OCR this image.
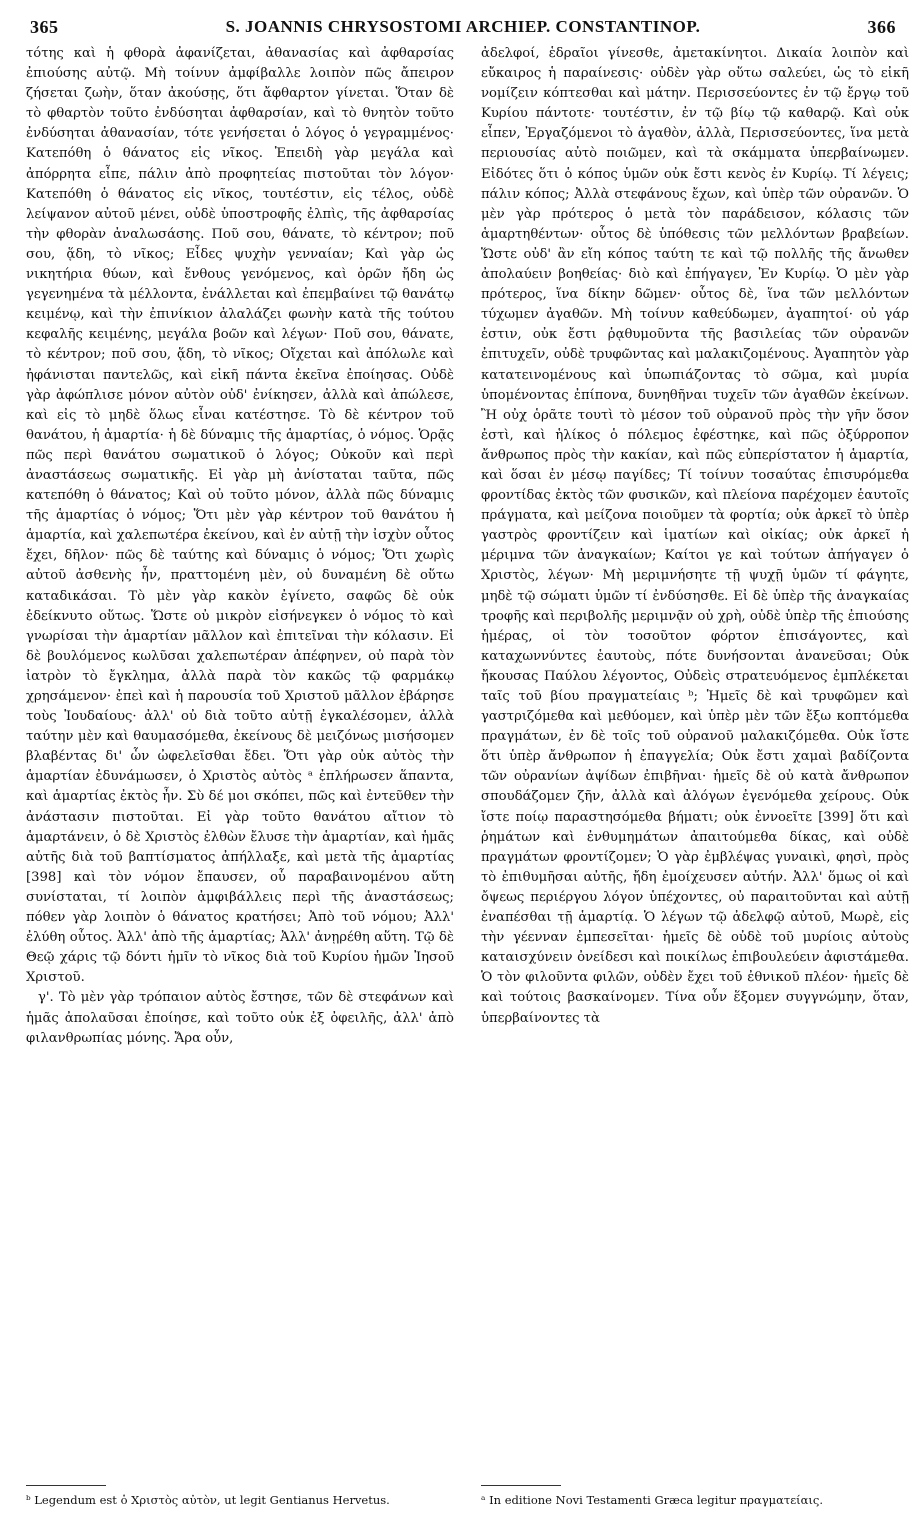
365	S. JOANNIS CHRYSOSTOMI ARCHIEP. CONSTANTINOP.	366

τότης καὶ ἡ φθορὰ ἀφανίζεται, ἀθανασίας καὶ ἀφθαρσίας ἐπιούσης αὐτῷ. Μὴ τοίνυν ἀμφίβαλλε λοιπὸν πῶς ἄπειρον ζήσεται ζωὴν, ὅταν ἀκούσῃς, ὅτι ἄφθαρτον γίνεται. Ὅταν δὲ τὸ φθαρτὸν τοῦτο ἐνδύσηται ἀφθαρσίαν, καὶ τὸ θνητὸν τοῦτο ἐνδύσηται ἀθανασίαν, τότε γενήσεται ὁ λόγος ὁ γεγραμμένος· Κατεπόθη ὁ θάνατος εἰς νῖκος. Ἐπειδὴ γὰρ μεγάλα καὶ ἀπόρρητα εἶπε, πάλιν ἀπὸ προφητείας πιστοῦται τὸν λόγον· Κατεπόθη ὁ θάνατος εἰς νῖκος, τουτέστιν, εἰς τέλος, οὐδὲ λείψανον αὐτοῦ μένει, οὐδὲ ὑποστροφῆς ἐλπὶς, τῆς ἀφθαρσίας τὴν φθορὰν ἀναλωσάσης. Ποῦ σου, θάνατε, τὸ κέντρον; ποῦ σου, ᾅδη, τὸ νῖκος; Εἶδες ψυχὴν γενναίαν; Καὶ γὰρ ὡς νικητήρια θύων, καὶ ἔνθους γενόμενος, καὶ ὁρῶν ἤδη ὡς γεγενημένα τὰ μέλλοντα, ἐνάλλεται καὶ ἐπεμβαίνει τῷ θανάτῳ κειμένῳ, καὶ τὴν ἐπινίκιον ἀλαλάζει φωνὴν κατὰ τῆς τούτου κεφαλῆς κειμένης, μεγάλα βοῶν καὶ λέγων· Ποῦ σου, θάνατε, τὸ κέντρον; ποῦ σου, ᾅδη, τὸ νῖκος; Οἴχεται καὶ ἀπόλωλε καὶ ἠφάνισται παντελῶς, καὶ εἰκῆ πάντα ἐκεῖνα ἐποίησας. Οὐδὲ γὰρ ἀφώπλισε μόνον αὐτὸν οὐδ' ἐνίκησεν, ἀλλὰ καὶ ἀπώλεσε, καὶ εἰς τὸ μηδὲ ὅλως εἶναι κατέστησε. Τὸ δὲ κέντρον τοῦ θανάτου, ἡ ἁμαρτία· ἡ δὲ δύναμις τῆς ἁμαρτίας, ὁ νόμος. Ὁρᾷς πῶς περὶ θανάτου σωματικοῦ ὁ λόγος; Οὐκοῦν καὶ περὶ ἀναστάσεως σωματικῆς. Εἰ γὰρ μὴ ἀνίσταται ταῦτα, πῶς κατεπόθη ὁ θάνατος; Καὶ οὐ τοῦτο μόνον, ἀλλὰ πῶς δύναμις τῆς ἁμαρτίας ὁ νόμος; Ὅτι μὲν γὰρ κέντρον τοῦ θανάτου ἡ ἁμαρτία, καὶ χαλεπωτέρα ἐκείνου, καὶ ἐν αὐτῇ τὴν ἰσχὺν οὗτος ἔχει, δῆλον· πῶς δὲ ταύτης καὶ δύναμις ὁ νόμος; Ὅτι χωρὶς αὐτοῦ ἀσθενὴς ἦν, πραττομένη μὲν, οὐ δυναμένη δὲ οὕτω καταδικάσαι. Τὸ μὲν γὰρ κακὸν ἐγίνετο, σαφῶς δὲ οὐκ ἐδείκνυτο οὕτως. Ὥστε οὐ μικρὸν εἰσήνεγκεν ὁ νόμος τὸ καὶ γνωρίσαι τὴν ἁμαρτίαν μᾶλλον καὶ ἐπιτεῖναι τὴν κόλασιν. Εἰ δὲ βουλόμενος κωλῦσαι χαλεπωτέραν ἀπέφηνεν, οὐ παρὰ τὸν ἰατρὸν τὸ ἔγκλημα, ἀλλὰ παρὰ τὸν κακῶς τῷ φαρμάκῳ χρησάμενον· ἐπεὶ καὶ ἡ παρουσία τοῦ Χριστοῦ μᾶλλον ἐβάρησε τοὺς Ἰουδαίους· ἀλλ' οὐ διὰ τοῦτο αὐτῇ ἐγκαλέσομεν, ἀλλὰ ταύτην μὲν καὶ θαυμασόμεθα, ἐκείνους δὲ μειζόνως μισήσομεν βλαβέντας δι' ὧν ὠφελεῖσθαι ἔδει. Ὅτι γὰρ οὐκ αὐτὸς τὴν ἁμαρτίαν ἐδυνάμωσεν, ὁ Χριστὸς αὐτὸς ᵃ ἐπλήρωσεν ἅπαντα, καὶ ἁμαρτίας ἐκτὸς ἦν. Σὺ δέ μοι σκόπει, πῶς καὶ ἐντεῦθεν τὴν ἀνάστασιν πιστοῦται. Εἰ γὰρ τοῦτο θανάτου αἴτιον τὸ ἁμαρτάνειν, ὁ δὲ Χριστὸς ἐλθὼν ἔλυσε τὴν ἁμαρτίαν, καὶ ἡμᾶς αὐτῆς διὰ τοῦ βαπτίσματος ἀπήλλαξε, καὶ μετὰ τῆς ἁμαρτίας [398] καὶ τὸν νόμον ἔπαυσεν, οὗ παραβαινομένου αὕτη συνίσταται, τί λοιπὸν ἀμφιβάλλεις περὶ τῆς ἀναστάσεως; πόθεν γὰρ λοιπὸν ὁ θάνατος κρατήσει; Ἀπὸ τοῦ νόμου; Ἀλλ' ἐλύθη οὗτος. Ἀλλ' ἀπὸ τῆς ἁμαρτίας; Ἀλλ' ἀνῃρέθη αὕτη. Τῷ δὲ Θεῷ χάρις τῷ δόντι ἡμῖν τὸ νῖκος διὰ τοῦ Κυρίου ἡμῶν Ἰησοῦ Χριστοῦ.

γ'. Τὸ μὲν γὰρ τρόπαιον αὐτὸς ἔστησε, τῶν δὲ στεφάνων καὶ ἡμᾶς ἀπολαῦσαι ἐποίησε, καὶ τοῦτο οὐκ ἐξ ὀφειλῆς, ἀλλ' ἀπὸ φιλανθρωπίας μόνης. Ἄρα οὖν,

ἀδελφοί, ἑδραῖοι γίνεσθε, ἀμετακίνητοι. Δικαία λοιπὸν καὶ εὔκαιρος ἡ παραίνεσις· οὐδὲν γὰρ οὕτω σαλεύει, ὡς τὸ εἰκῆ νομίζειν κόπτεσθαι καὶ μάτην. Περισσεύοντες ἐν τῷ ἔργῳ τοῦ Κυρίου πάντοτε· τουτέστιν, ἐν τῷ βίῳ τῷ καθαρῷ. Καὶ οὐκ εἶπεν, Ἐργαζόμενοι τὸ ἀγαθὸν, ἀλλὰ, Περισσεύοντες, ἵνα μετὰ περιουσίας αὐτὸ ποιῶμεν, καὶ τὰ σκάμματα ὑπερβαίνωμεν. Εἰδότες ὅτι ὁ κόπος ὑμῶν οὐκ ἔστι κενὸς ἐν Κυρίῳ. Τί λέγεις; πάλιν κόπος; Ἀλλὰ στεφάνους ἔχων, καὶ ὑπὲρ τῶν οὐρανῶν. Ὁ μὲν γὰρ πρότερος ὁ μετὰ τὸν παράδεισον, κόλασις τῶν ἁμαρτηθέντων· οὗτος δὲ ὑπόθεσις τῶν μελλόντων βραβείων. Ὥστε οὐδ' ἂν εἴη κόπος ταύτη τε καὶ τῷ πολλῆς τῆς ἄνωθεν ἀπολαύειν βοηθείας· διὸ καὶ ἐπήγαγεν, Ἐν Κυρίῳ. Ὁ μὲν γὰρ πρότερος, ἵνα δίκην δῶμεν· οὗτος δὲ, ἵνα τῶν μελλόντων τύχωμεν ἀγαθῶν. Μὴ τοίνυν καθεύδωμεν, ἀγαπητοί· οὐ γάρ ἐστιν, οὐκ ἔστι ῥᾳθυμοῦντα τῆς βασιλείας τῶν οὐρανῶν ἐπιτυχεῖν, οὐδὲ τρυφῶντας καὶ μαλακιζομένους. Ἀγαπητὸν γὰρ κατατεινομένους καὶ ὑπωπιάζοντας τὸ σῶμα, καὶ μυρία ὑπομένοντας ἐπίπονα, δυνηθῆναι τυχεῖν τῶν ἀγαθῶν ἐκείνων. Ἢ οὐχ ὁρᾶτε τουτὶ τὸ μέσον τοῦ οὐρανοῦ πρὸς τὴν γῆν ὅσον ἐστὶ, καὶ ἡλίκος ὁ πόλεμος ἐφέστηκε, καὶ πῶς ὀξύρροπον ἄνθρωπος πρὸς τὴν κακίαν, καὶ πῶς εὐπερίστατον ἡ ἁμαρτία, καὶ ὅσαι ἐν μέσῳ παγίδες; Τί τοίνυν τοσαύτας ἐπισυρόμεθα φροντίδας ἐκτὸς τῶν φυσικῶν, καὶ πλείονα παρέχομεν ἑαυτοῖς πράγματα, καὶ μείζονα ποιοῦμεν τὰ φορτία; οὐκ ἀρκεῖ τὸ ὑπὲρ γαστρὸς φροντίζειν καὶ ἱματίων καὶ οἰκίας; οὐκ ἀρκεῖ ἡ μέριμνα τῶν ἀναγκαίων; Καίτοι γε καὶ τούτων ἀπήγαγεν ὁ Χριστὸς, λέγων· Μὴ μεριμνήσητε τῇ ψυχῇ ὑμῶν τί φάγητε, μηδὲ τῷ σώματι ὑμῶν τί ἐνδύσησθε. Εἰ δὲ ὑπὲρ τῆς ἀναγκαίας τροφῆς καὶ περιβολῆς μεριμνᾷν οὐ χρὴ, οὐδὲ ὑπὲρ τῆς ἐπιούσης ἡμέρας, οἱ τὸν τοσοῦτον φόρτον ἐπισάγοντες, καὶ καταχωννύντες ἑαυτοὺς, πότε δυνήσονται ἀνανεῦσαι; Οὐκ ἤκουσας Παύλου λέγοντος, Οὐδεὶς στρατευόμενος ἐμπλέκεται ταῖς τοῦ βίου πραγματείαις ᵇ; Ἡμεῖς δὲ καὶ τρυφῶμεν καὶ γαστριζόμεθα καὶ μεθύομεν, καὶ ὑπὲρ μὲν τῶν ἔξω κοπτόμεθα πραγμάτων, ἐν δὲ τοῖς τοῦ οὐρανοῦ μαλακιζόμεθα. Οὐκ ἴστε ὅτι ὑπὲρ ἄνθρωπον ἡ ἐπαγγελία; Οὐκ ἔστι χαμαὶ βαδίζοντα τῶν οὐρανίων ἀψίδων ἐπιβῆναι· ἡμεῖς δὲ οὐ κατὰ ἄνθρωπον σπουδάζομεν ζῆν, ἀλλὰ καὶ ἀλόγων ἐγενόμεθα χείρους. Οὐκ ἴστε ποίῳ παραστησόμεθα βήματι; οὐκ ἐννοεῖτε [399] ὅτι καὶ ῥημάτων καὶ ἐνθυμημάτων ἀπαιτούμεθα δίκας, καὶ οὐδὲ πραγμάτων φροντίζομεν; Ὁ γὰρ ἐμβλέψας γυναικὶ, φησὶ, πρὸς τὸ ἐπιθυμῆσαι αὐτῆς, ἤδη ἐμοίχευσεν αὐτήν. Ἀλλ' ὅμως οἱ καὶ ὄψεως περιέργου λόγον ὑπέχοντες, οὐ παραιτοῦνται καὶ αὐτῇ ἐναπέσθαι τῇ ἁμαρτίᾳ. Ὁ λέγων τῷ ἀδελφῷ αὐτοῦ, Μωρὲ, εἰς τὴν γέενναν ἐμπεσεῖται· ἡμεῖς δὲ οὐδὲ τοῦ μυρίοις αὐτοὺς καταισχύνειν ὀνείδεσι καὶ ποικίλως ἐπιβουλεύειν ἀφιστάμεθα. Ὁ τὸν φιλοῦντα φιλῶν, οὐδὲν ἔχει τοῦ ἐθνικοῦ πλέον· ἡμεῖς δὲ καὶ τούτοις βασκαίνομεν. Τίνα οὖν ἕξομεν συγγνώμην, ὅταν, ὑπερβαίνοντες τὰ

ᵇ Legendum est ὁ Χριστὸς αὐτὸν, ut legit Gentianus Hervetus.	ᵃ In editione Novi Testamenti Græca legitur πραγματείαις.
